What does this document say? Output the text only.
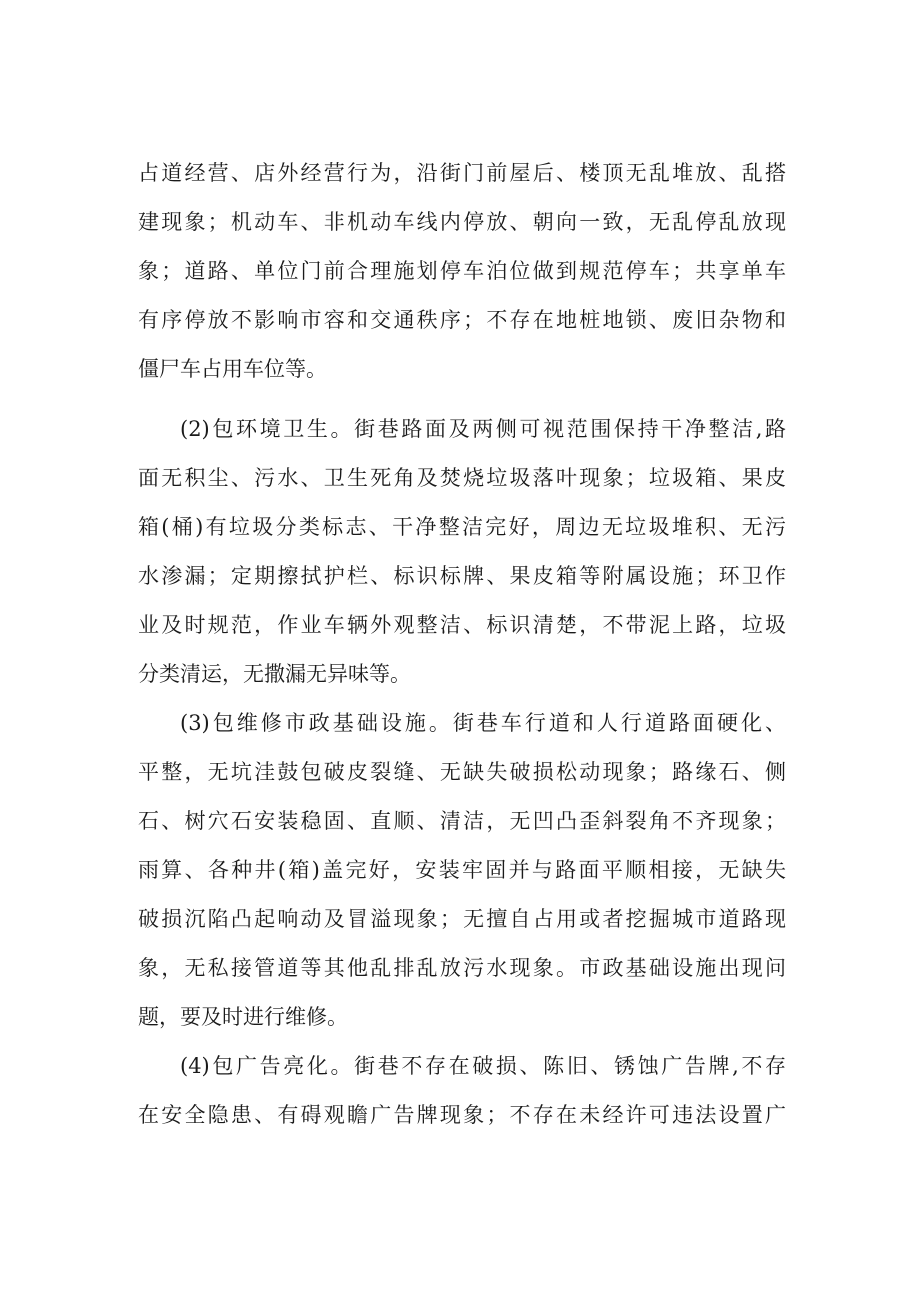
占道经营、店外经营行为，沿街门前屋后、楼顶无乱堆放、乱搭
建现象；机动车、非机动车线内停放、朝向一致，无乱停乱放现
象；道路、单位门前合理施划停车泊位做到规范停车；共享单车
有序停放不影响市容和交通秩序；不存在地桩地锁、废旧杂物和
僵尸车占用车位等。
(2)包环境卫生。街巷路面及两侧可视范围保持干净整洁,路
面无积尘、污水、卫生死角及焚烧垃圾落叶现象；垃圾箱、果皮
箱(桶)有垃圾分类标志、干净整洁完好，周边无垃圾堆积、无污
水渗漏；定期擦拭护栏、标识标牌、果皮箱等附属设施；环卫作
业及时规范，作业车辆外观整洁、标识清楚，不带泥上路，垃圾
分类清运，无撒漏无异味等。
(3)包维修市政基础设施。街巷车行道和人行道路面硬化、
平整，无坑洼鼓包破皮裂缝、无缺失破损松动现象；路缘石、侧
石、树穴石安装稳固、直顺、清洁，无凹凸歪斜裂角不齐现象；
雨算、各种井(箱)盖完好，安装牢固并与路面平顺相接，无缺失
破损沉陷凸起响动及冒溢现象；无擅自占用或者挖掘城市道路现
象，无私接管道等其他乱排乱放污水现象。市政基础设施出现问
题，要及时进行维修。
(4)包广告亮化。街巷不存在破损、陈旧、锈蚀广告牌,不存
在安全隐患、有碍观瞻广告牌现象；不存在未经许可违法设置广
